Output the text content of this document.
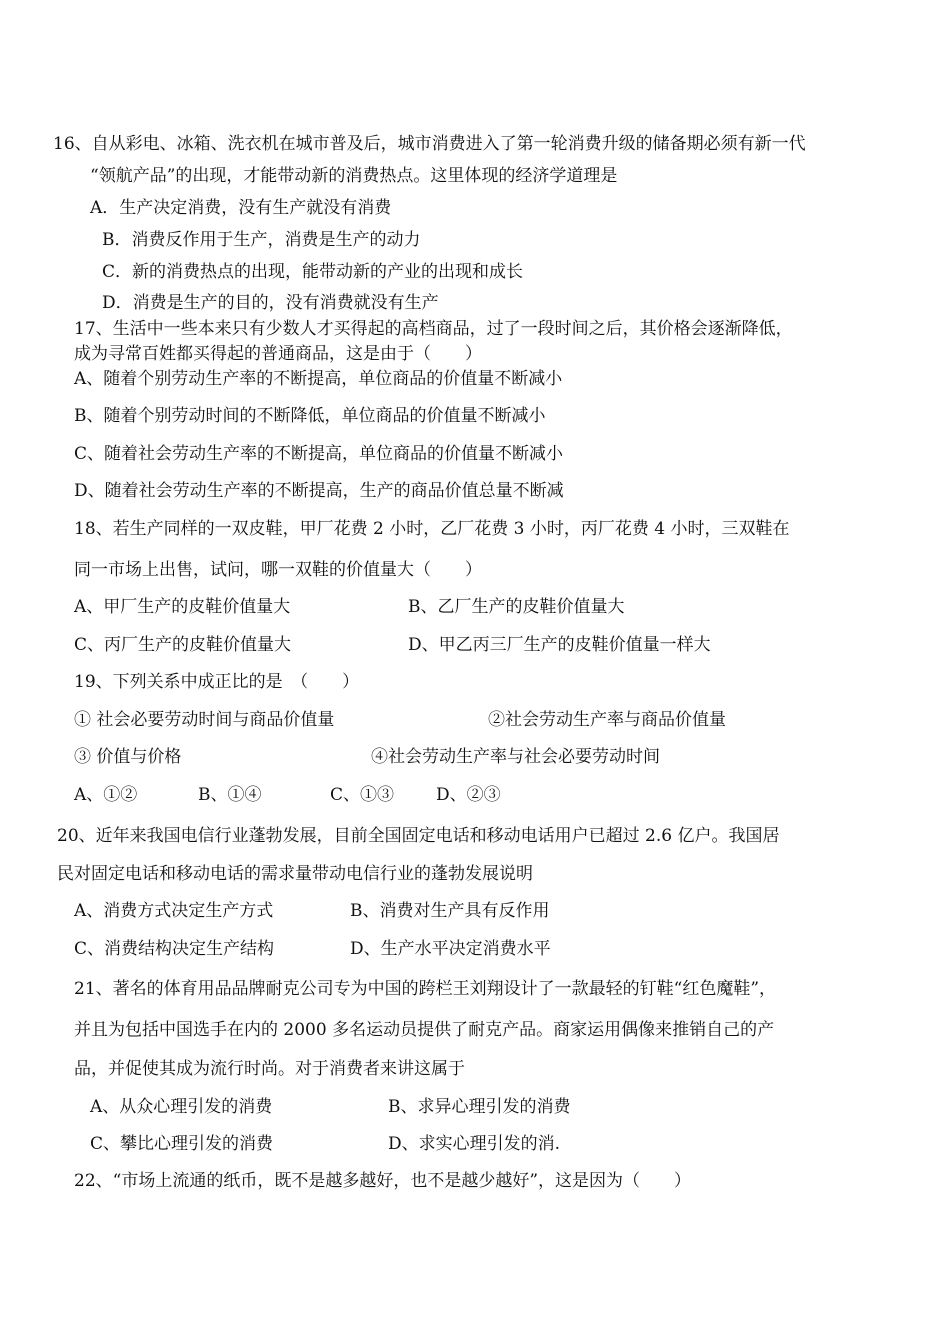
16、自从彩电、冰箱、洗衣机在城市普及后，城市消费进入了第一轮消费升级的储备期必须有新一代
“领航产品”的出现，才能带动新的消费热点。这里体现的经济学道理是
A．生产决定消费，没有生产就没有消费
B．消费反作用于生产，消费是生产的动力
C．新的消费热点的出现，能带动新的产业的出现和成长
D．消费是生产的目的，没有消费就没有生产
17、生活中一些本来只有少数人才买得起的高档商品，过了一段时间之后，其价格会逐渐降低，
成为寻常百姓都买得起的普通商品，这是由于（　　）
A、随着个别劳动生产率的不断提高，单位商品的价值量不断减小
B、随着个别劳动时间的不断降低，单位商品的价值量不断减小
C、随着社会劳动生产率的不断提高，单位商品的价值量不断减小
D、随着社会劳动生产率的不断提高，生产的商品价值总量不断减
18、若生产同样的一双皮鞋，甲厂花费 2 小时，乙厂花费 3 小时，丙厂花费 4 小时，三双鞋在
同一市场上出售，试问，哪一双鞋的价值量大（　　）
A、甲厂生产的皮鞋价值量大	B、乙厂生产的皮鞋价值量大
C、丙厂生产的皮鞋价值量大	D、甲乙丙三厂生产的皮鞋价值量一样大
19、下列关系中成正比的是　（　　）
① 社会必要劳动时间与商品价值量	②社会劳动生产率与商品价值量
③ 价值与价格	④社会劳动生产率与社会必要劳动时间
A、①②	B、①④	C、①③ D、②③
20、近年来我国电信行业蓬勃发展，目前全国固定电话和移动电话用户已超过 2.6 亿户。我国居
民对固定电话和移动电话的需求量带动电信行业的蓬勃发展说明
A、消费方式决定生产方式	B、消费对生产具有反作用
C、消费结构决定生产结构	D、生产水平决定消费水平
21、著名的体育用品品牌耐克公司专为中国的跨栏王刘翔设计了一款最轻的钉鞋“红色魔鞋”，
并且为包括中国选手在内的 2000 多名运动员提供了耐克产品。商家运用偶像来推销自己的产
品，并促使其成为流行时尚。对于消费者来讲这属于
A、从众心理引发的消费	B、求异心理引发的消费
C、攀比心理引发的消费	D、求实心理引发的消.
22、“市场上流通的纸币，既不是越多越好，也不是越少越好”，这是因为（　　）
